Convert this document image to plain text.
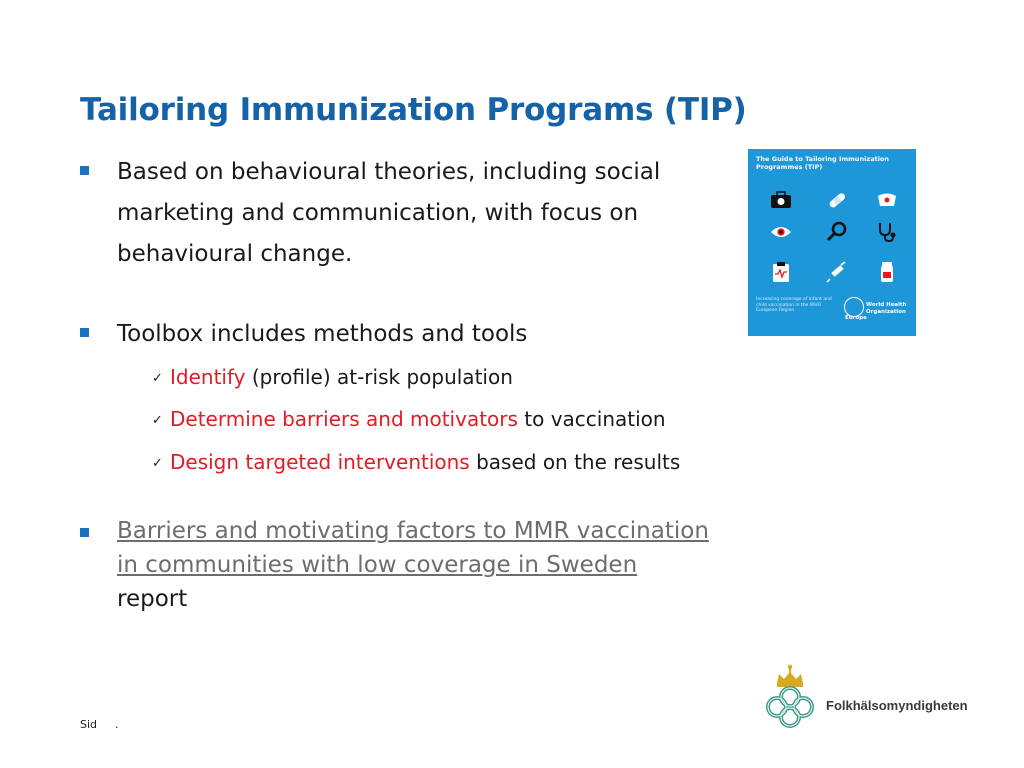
Tailoring Immunization Programs (TIP)
Based on behavioural theories, including social marketing and communication, with focus on behavioural change.
Toolbox includes methods and tools
✓ Identify (profile) at-risk population
✓ Determine barriers and motivators to vaccination
✓ Design targeted interventions based on the results
Barriers and motivating factors to MMR vaccination in communities with low coverage in Sweden
report
The Guide to Tailoring Immunization Programmes (TIP)
Increasing coverage of infant and child vaccination in the WHO European Region
World Health Organization
Europe
Sid .
Folkhälsomyndigheten
